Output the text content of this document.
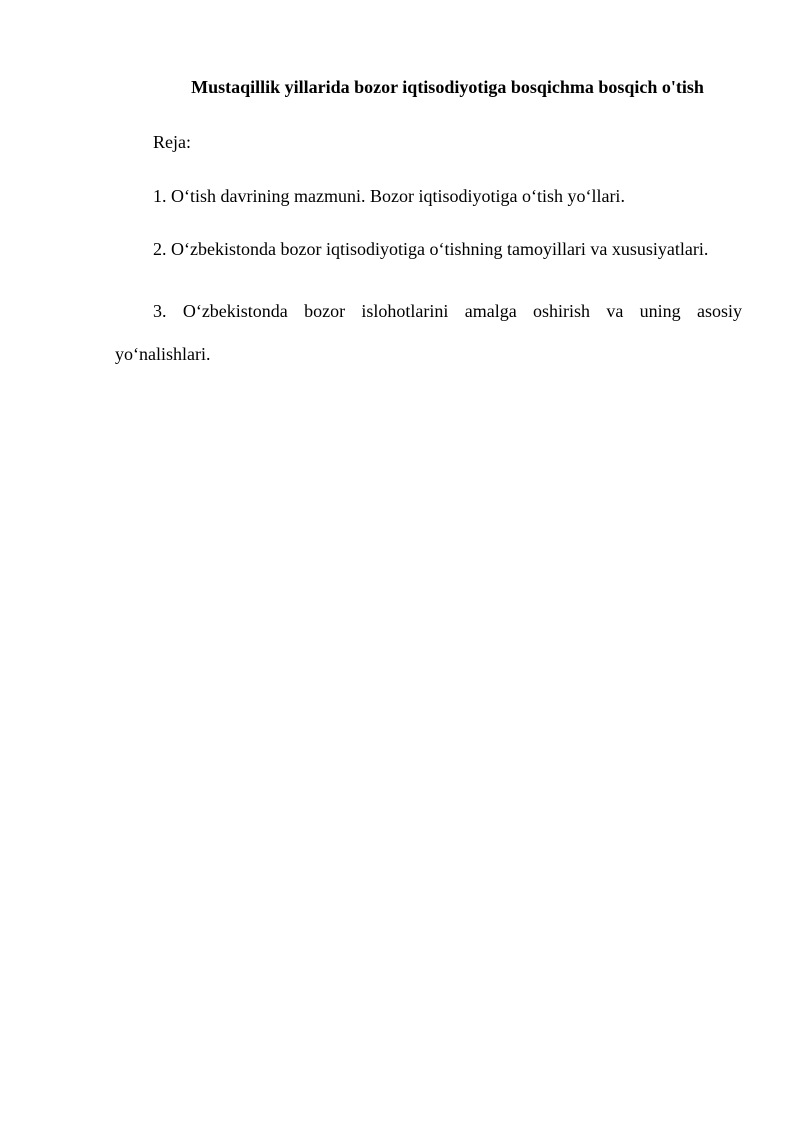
Mustaqillik yillarida bozor iqtisodiyotiga bosqichma bosqich o'tish

Reja:

1. O‘tish davrining mazmuni. Bozor iqtisodiyotiga o‘tish yo‘llari.

2. O‘zbekistonda bozor iqtisodiyotiga o‘tishning tamoyillari va xususiyatlari.

3. O‘zbekistonda bozor islohotlarini amalga oshirish va uning asosiy yo‘nalishlari.
